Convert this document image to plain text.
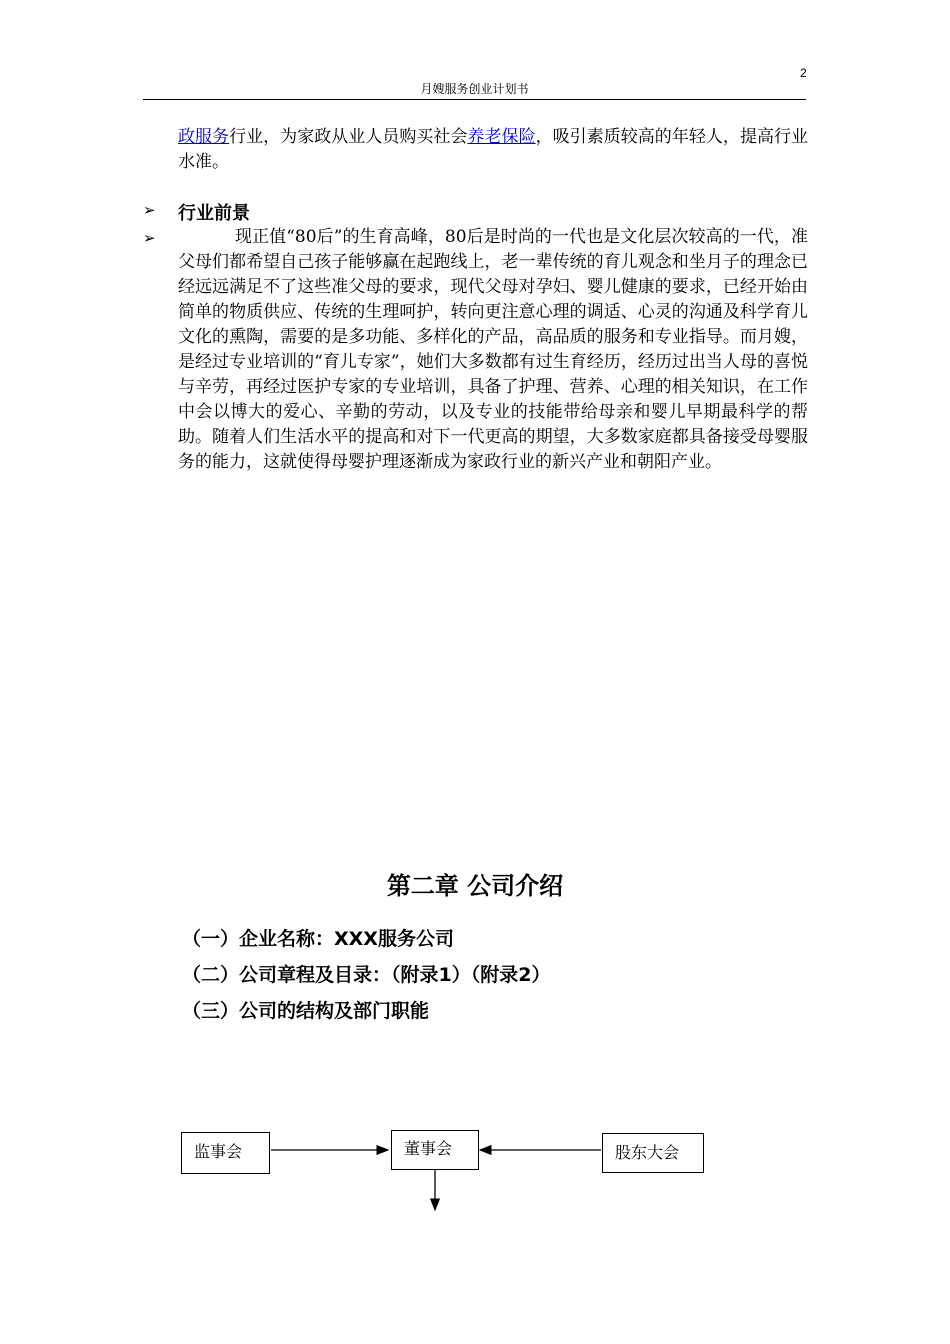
2
月嫂服务创业计划书
政服务行业，为家政从业人员购买社会养老保险，吸引素质较高的年轻人，提高行业水准。
➢ 行业前景
➢	现正值“80后”的生育高峰，80后是时尚的一代也是文化层次较高的一代，准父母们都希望自己孩子能够赢在起跑线上，老一辈传统的育儿观念和坐月子的理念已经远远满足不了这些准父母的要求，现代父母对孕妇、婴儿健康的要求，已经开始由简单的物质供应、传统的生理呵护，转向更注意心理的调适、心灵的沟通及科学育儿文化的熏陶，需要的是多功能、多样化的产品，高品质的服务和专业指导。而月嫂，是经过专业培训的“育儿专家”，她们大多数都有过生育经历，经历过出当人母的喜悦与辛劳，再经过医护专家的专业培训，具备了护理、营养、心理的相关知识，在工作中会以博大的爱心、辛勤的劳动，以及专业的技能带给母亲和婴儿早期最科学的帮助。随着人们生活水平的提高和对下一代更高的期望，大多数家庭都具备接受母婴服务的能力，这就使得母婴护理逐渐成为家政行业的新兴产业和朝阳产业。
第二章 公司介绍
（一）企业名称：XXX服务公司
（二）公司章程及目录：（附录1）（附录2）
（三）公司的结构及部门职能
监事会	董事会	股东大会
